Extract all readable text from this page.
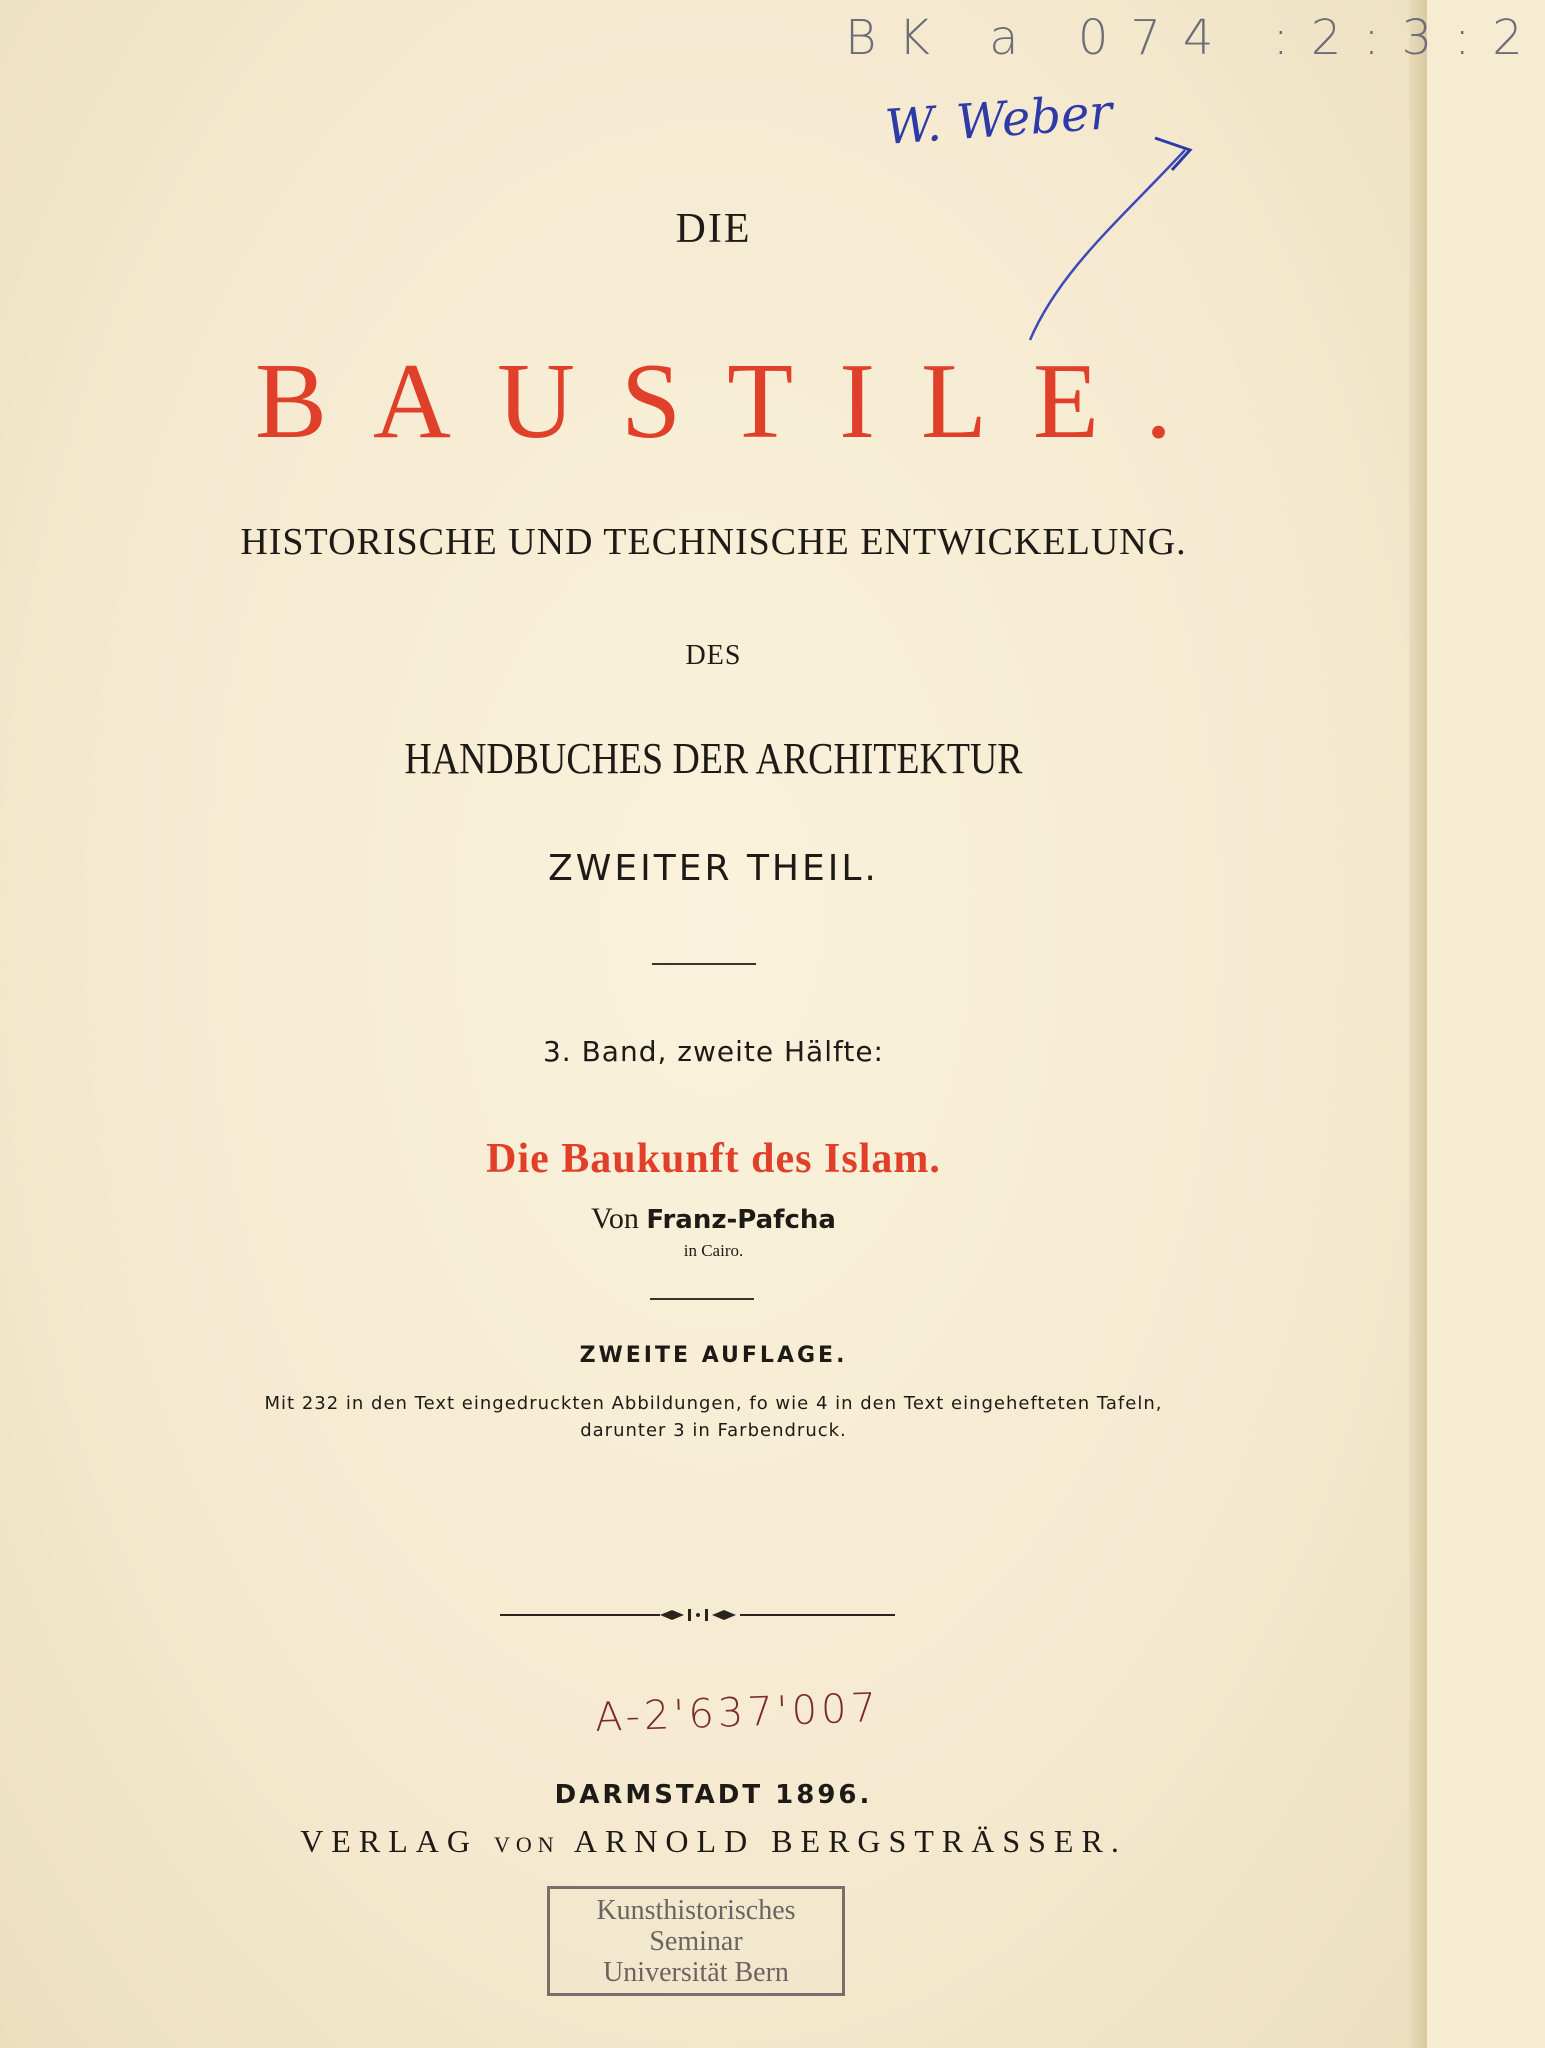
BK a 074 :2:3:2
W. Weber
DIE
BAUSTILE.
HISTORISCHE UND TECHNISCHE ENTWICKELUNG.
DES
HANDBUCHES DER ARCHITEKTUR
ZWEITER THEIL.
3. Band, zweite Hälfte:
Die Baukunft des Islam.
Von Franz-Pafcha
in Cairo.
ZWEITE AUFLAGE.
Mit 232 in den Text eingedruckten Abbildungen, fo wie 4 in den Text eingehefteten Tafeln,
darunter 3 in Farbendruck.
A-2'637'007
DARMSTADT 1896.
VERLAG VON ARNOLD BERGSTRÄSSER.
Kunsthistorisches
Seminar
Universität Bern
